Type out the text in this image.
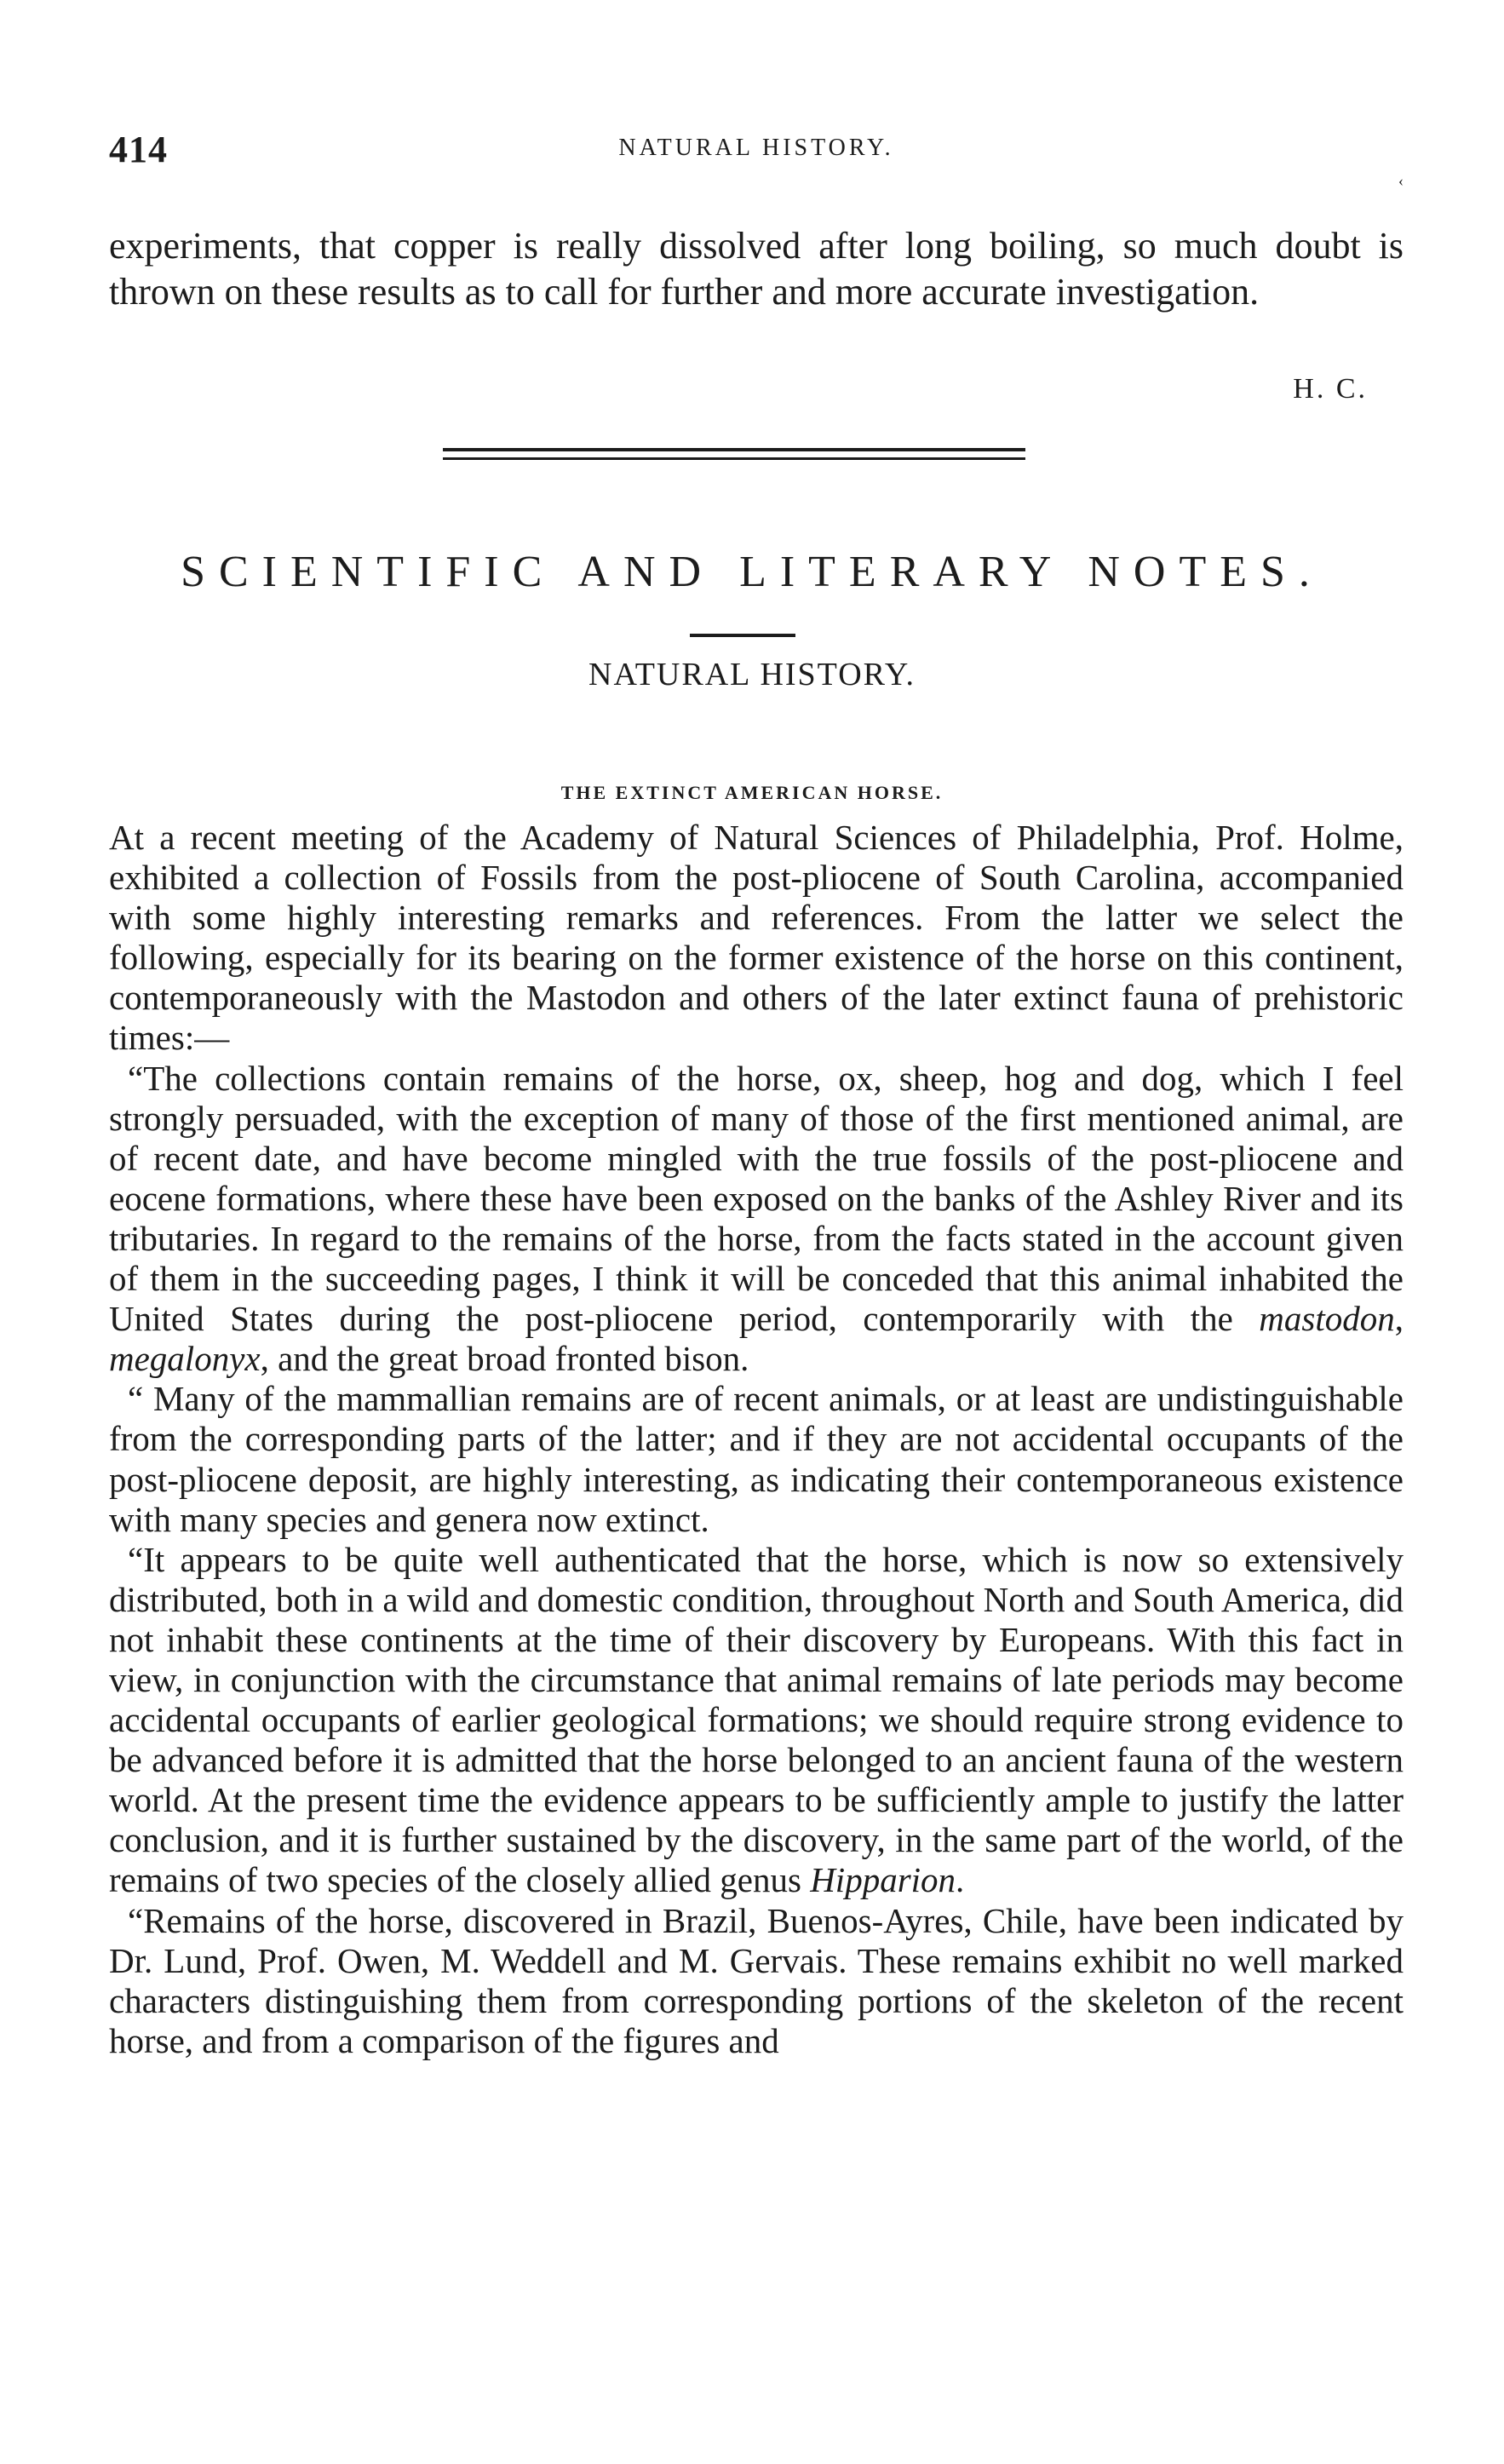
414	NATURAL HISTORY.
‹

experiments, that copper is really dissolved after long boiling, so much doubt is thrown on these results as to call for further and more accurate investigation.

H. C.
SCIENTIFIC AND LITERARY NOTES.
NATURAL HISTORY.
THE EXTINCT AMERICAN HORSE.

At a recent meeting of the Academy of Natural Sciences of Philadelphia, Prof. Holme, exhibited a collection of Fossils from the post-pliocene of South Carolina, accompanied with some highly interesting remarks and references. From the latter we select the following, especially for its bearing on the former existence of the horse on this continent, contemporaneously with the Mastodon and others of the later extinct fauna of prehistoric times:—

“The collections contain remains of the horse, ox, sheep, hog and dog, which I feel strongly persuaded, with the exception of many of those of the first mentioned animal, are of recent date, and have become mingled with the true fossils of the post-pliocene and eocene formations, where these have been exposed on the banks of the Ashley River and its tributaries. In regard to the remains of the horse, from the facts stated in the account given of them in the succeeding pages, I think it will be conceded that this animal inhabited the United States during the post-pliocene period, contemporarily with the mastodon, megalonyx, and the great broad fronted bison.

“ Many of the mammallian remains are of recent animals, or at least are undistinguishable from the corresponding parts of the latter; and if they are not accidental occupants of the post-pliocene deposit, are highly interesting, as indicating their contemporaneous existence with many species and genera now extinct.

“It appears to be quite well authenticated that the horse, which is now so extensively distributed, both in a wild and domestic condition, throughout North and South America, did not inhabit these continents at the time of their discovery by Europeans. With this fact in view, in conjunction with the circumstance that animal remains of late periods may become accidental occupants of earlier geological formations; we should require strong evidence to be advanced before it is admitted that the horse belonged to an ancient fauna of the western world. At the present time the evidence appears to be sufficiently ample to justify the latter conclusion, and it is further sustained by the discovery, in the same part of the world, of the remains of two species of the closely allied genus Hipparion.

“Remains of the horse, discovered in Brazil, Buenos-Ayres, Chile, have been indicated by Dr. Lund, Prof. Owen, M. Weddell and M. Gervais. These remains exhibit no well marked characters distinguishing them from corresponding portions of the skeleton of the recent horse, and from a comparison of the figures and
